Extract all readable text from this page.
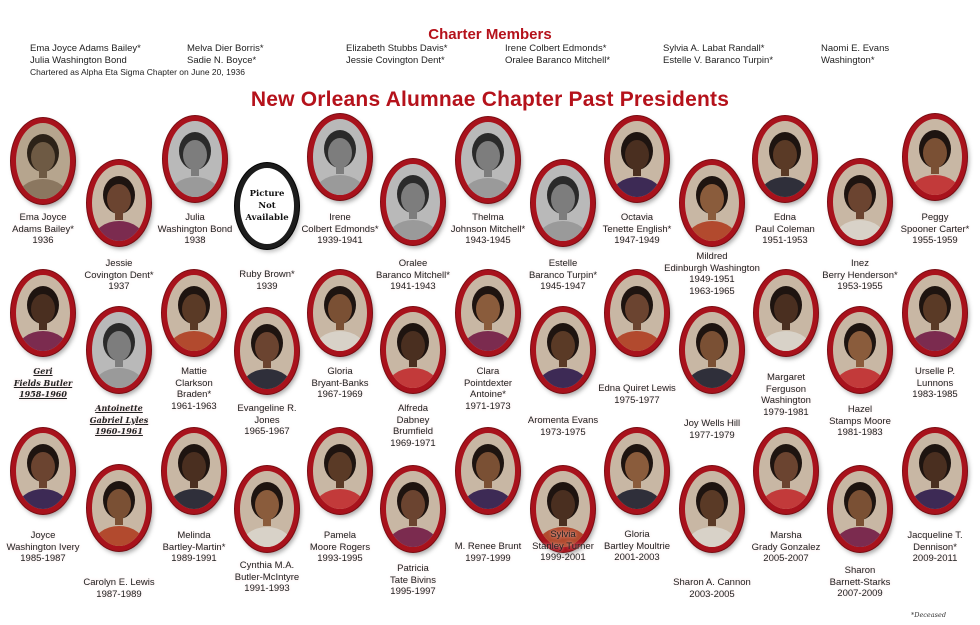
Charter Members
Ema Joyce Adams Bailey*
Julia Washington Bond
Melva Dier Borris*
Sadie N. Boyce*
Elizabeth Stubbs Davis*
Jessie Covington Dent*
Irene Colbert Edmonds*
Oralee Baranco Mitchell*
Sylvia A. Labat Randall*
Estelle V. Baranco Turpin*
Naomi E. Evans
Washington*
Chartered as Alpha Eta Sigma Chapter on June 20, 1936
New Orleans Alumnae Chapter Past Presidents
Ema Joyce
Adams Bailey*
1936
Jessie
Covington Dent*
1937
Julia
Washington Bond
1938
Picture
Not
Available
Ruby Brown*
1939
Irene
Colbert Edmonds*
1939-1941
Oralee
Baranco Mitchell*
1941-1943
Thelma
Johnson Mitchell*
1943-1945
Estelle
Baranco Turpin*
1945-1947
Octavia
Tenette English*
1947-1949
Mildred
Edinburgh Washington
1949-1951
1963-1965
Edna
Paul Coleman
1951-1953
Inez
Berry Henderson*
1953-1955
Peggy
Spooner Carter*
1955-1959
Geri
Fields Butler
1958-1960
Antoinette
Gabriel Lyles
1960-1961
Mattie
Clarkson
Braden*
1961-1963 Evangeline R.
Jones
1965-1967
Gloria
Bryant-Banks
1967-1969
Alfreda
Dabney
Brumfield
1969-1971
Clara
Pointdexter
Antoine*
1971-1973
Aromenta Evans
1973-1975
Edna Quiret Lewis
1975-1977
Joy Wells Hill
1977-1979
Margaret
Ferguson
Washington
1979-1981	Hazel
Stamps Moore
1981-1983
Urselle P.
Lunnons
1983-1985
Joyce
Washington Ivery
1985-1987
Carolyn E. Lewis
1987-1989
Melinda
Bartley-Martin*
1989-1991
Cynthia M.A.
Butler-McIntyre
1991-1993
Pamela
Moore Rogers
1993-1995
Patricia
Tate Bivins
1995-1997
M. Renee Brunt
1997-1999
Sylvia
Stanley Turner
1999-2001
Gloria
Bartley Moultrie
2001-2003
Sharon A. Cannon
2003-2005
Marsha
Grady Gonzalez
2005-2007
Sharon
Barnett-Starks
2007-2009
Jacqueline T.
Dennison*
2009-2011
*Deceased
